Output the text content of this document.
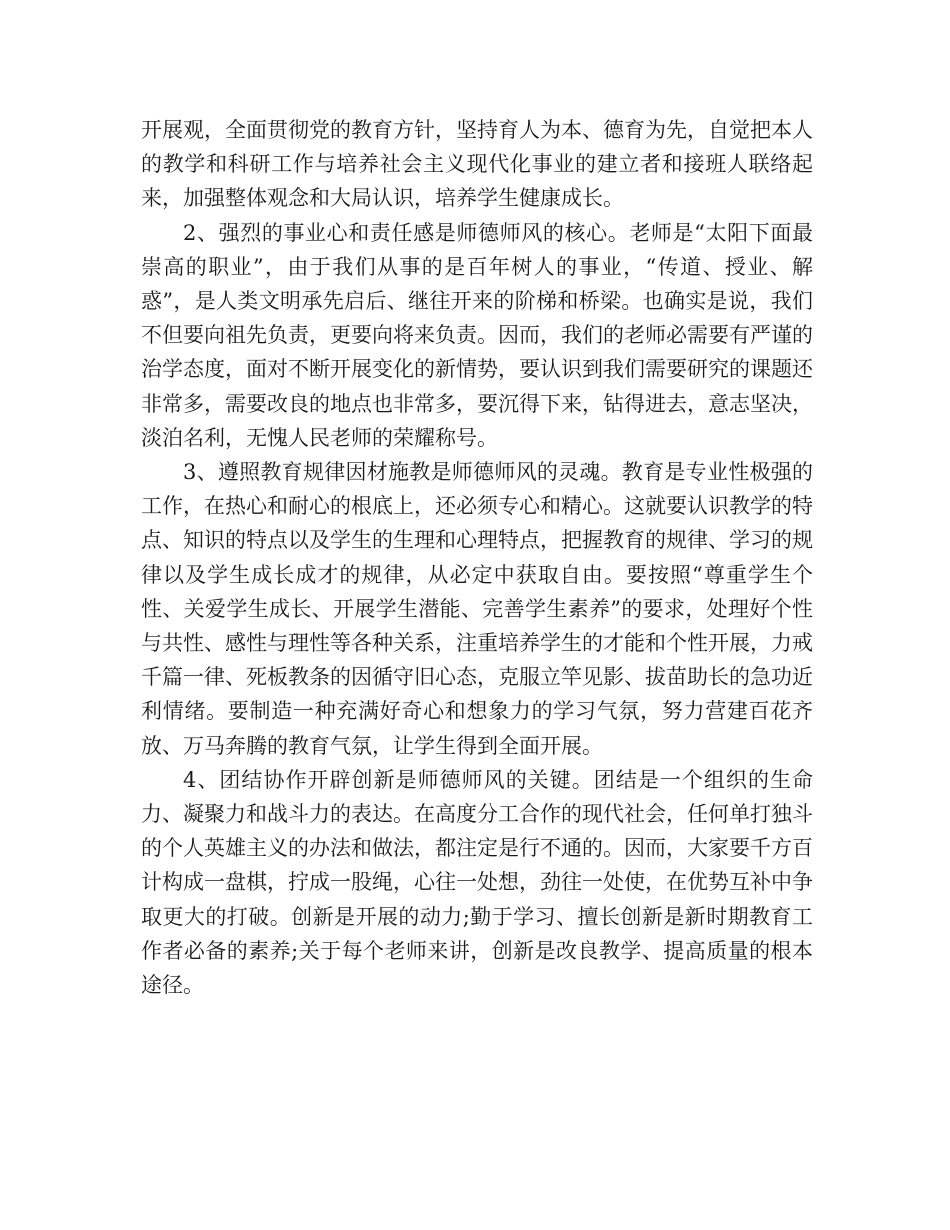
开展观，全面贯彻党的教育方针，坚持育人为本、德育为先，自觉把本人的教学和科研工作与培养社会主义现代化事业的建立者和接班人联络起来，加强整体观念和大局认识，培养学生健康成长。

2、强烈的事业心和责任感是师德师风的核心。老师是“太阳下面最崇高的职业”，由于我们从事的是百年树人的事业，“传道、授业、解惑”，是人类文明承先启后、继往开来的阶梯和桥梁。也确实是说，我们不但要向祖先负责，更要向将来负责。因而，我们的老师必需要有严谨的治学态度，面对不断开展变化的新情势，要认识到我们需要研究的课题还非常多，需要改良的地点也非常多，要沉得下来，钻得进去，意志坚决，淡泊名利，无愧人民老师的荣耀称号。

3、遵照教育规律因材施教是师德师风的灵魂。教育是专业性极强的工作，在热心和耐心的根底上，还必须专心和精心。这就要认识教学的特点、知识的特点以及学生的生理和心理特点，把握教育的规律、学习的规律以及学生成长成才的规律，从必定中获取自由。要按照“尊重学生个性、关爱学生成长、开展学生潜能、完善学生素养”的要求，处理好个性与共性、感性与理性等各种关系，注重培养学生的才能和个性开展，力戒千篇一律、死板教条的因循守旧心态，克服立竿见影、拔苗助长的急功近利情绪。要制造一种充满好奇心和想象力的学习气氛，努力营建百花齐放、万马奔腾的教育气氛，让学生得到全面开展。

4、团结协作开辟创新是师德师风的关键。团结是一个组织的生命力、凝聚力和战斗力的表达。在高度分工合作的现代社会，任何单打独斗的个人英雄主义的办法和做法，都注定是行不通的。因而，大家要千方百计构成一盘棋，拧成一股绳，心往一处想，劲往一处使，在优势互补中争取更大的打破。创新是开展的动力;勤于学习、擅长创新是新时期教育工作者必备的素养;关于每个老师来讲，创新是改良教学、提高质量的根本途径。
